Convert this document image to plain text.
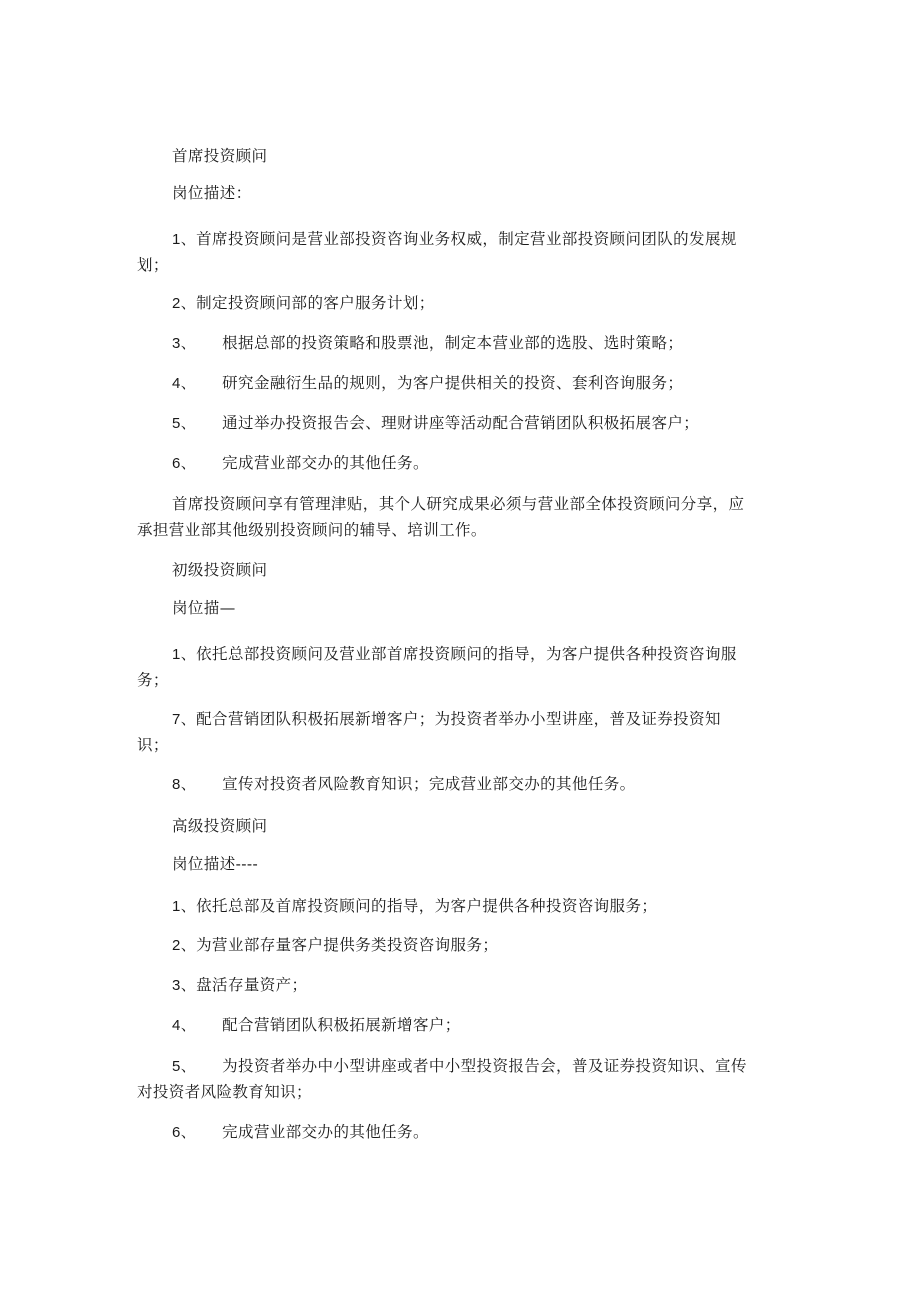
首席投资顾问
岗位描述：
1、首席投资顾问是营业部投资咨询业务权威，制定营业部投资顾问团队的发展规
划；
2、制定投资顾问部的客户服务计划；
3、 根据总部的投资策略和股票池，制定本营业部的选股、选时策略；
4、 研究金融衍生品的规则，为客户提供相关的投资、套利咨询服务；
5、 通过举办投资报告会、理财讲座等活动配合营销团队积极拓展客户；
6、 完成营业部交办的其他任务。
首席投资顾问享有管理津贴，其个人研究成果必须与营业部全体投资顾问分享，应
承担营业部其他级别投资顾问的辅导、培训工作。
初级投资顾问
岗位描—
1、依托总部投资顾问及营业部首席投资顾问的指导，为客户提供各种投资咨询服
务；
7、配合营销团队积极拓展新增客户；为投资者举办小型讲座，普及证券投资知
识；
8、 宣传对投资者风险教育知识；完成营业部交办的其他任务。
高级投资顾问
岗位描述----
1、依托总部及首席投资顾问的指导，为客户提供各种投资咨询服务；
2、为营业部存量客户提供务类投资咨询服务；
3、盘活存量资产；
4、 配合营销团队积极拓展新增客户；
5、 为投资者举办中小型讲座或者中小型投资报告会，普及证券投资知识、宣传
对投资者风险教育知识；
6、 完成营业部交办的其他任务。
